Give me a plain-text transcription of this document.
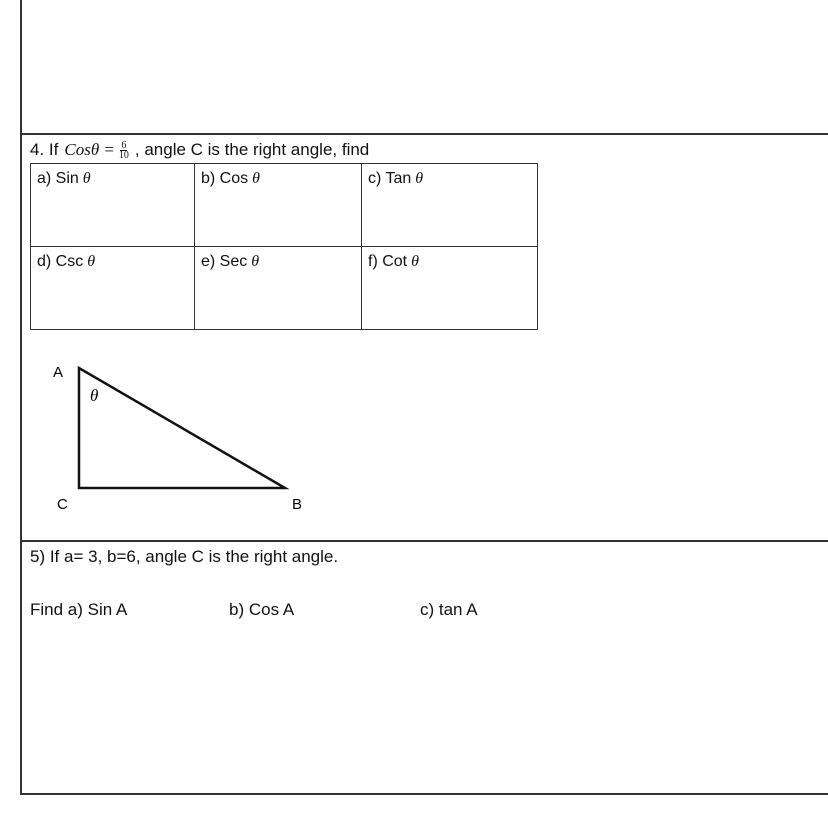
4. If $Cos\theta = \frac{6}{10}$ , angle C is the right angle, find
a) Sin θ	b) Cos θ	c) Tan θ
d) Csc θ	e) Sec θ	f) Cot θ
A
C	B
θ
5) If a= 3, b=6, angle C is the right angle.
Find a) Sin A	b) Cos A	c) tan A
